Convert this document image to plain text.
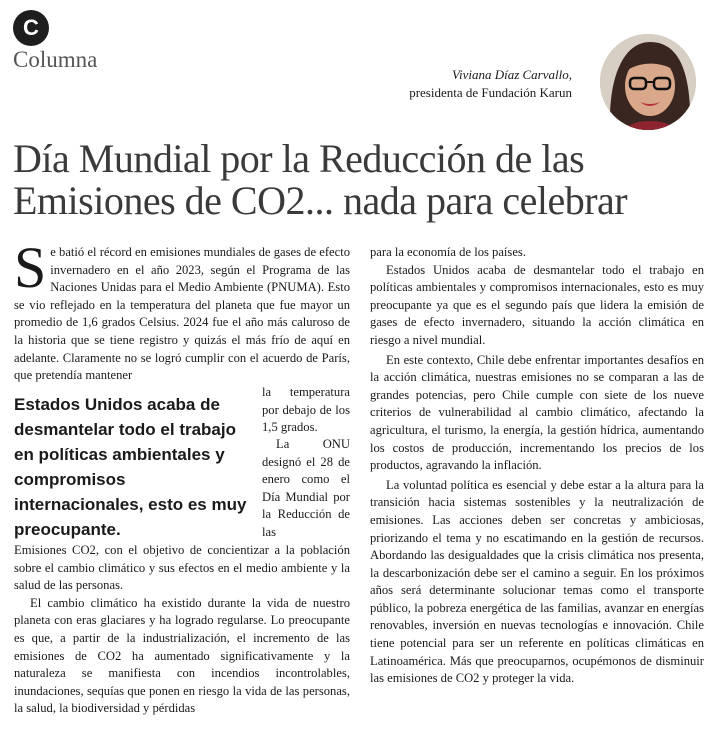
C
Columna
Viviana Díaz Carvallo,
presidenta de Fundación Karun
Día Mundial por la Reducción de las Emisiones de CO2... nada para celebrar

Se batió el récord en emisiones mundiales de gases de efecto invernadero en el año 2023, según el Programa de las Naciones Unidas para el Medio Ambiente (PNUMA). Esto se vio reflejado en la temperatura del planeta que fue mayor un promedio de 1,6 grados Celsius. 2024 fue el año más caluroso de la historia que se tiene registro y quizás el más frío de aquí en adelante. Claramente no se logró cumplir con el acuerdo de París, que pretendía mantener

Estados Unidos acaba de desmantelar todo el trabajo en políticas ambientales y compromisos internacionales, esto es muy preocupante.
la temperatura por debajo de los 1,5 grados.
La ONU designó el 28 de enero como el Día Mundial por la Reducción de las

Emisiones CO2, con el objetivo de concientizar a la población sobre el cambio climático y sus efectos en el medio ambiente y la salud de las personas.

El cambio climático ha existido durante la vida de nuestro planeta con eras glaciares y ha logrado regularse. Lo preocupante es que, a partir de la industrialización, el incremento de las emisiones de CO2 ha aumentado significativamente y la naturaleza se manifiesta con incendios incontrolables, inundaciones, sequías que ponen en riesgo la vida de las personas, la salud, la biodiversidad y pérdidas

para la economía de los países.

Estados Unidos acaba de desmantelar todo el trabajo en políticas ambientales y compromisos internacionales, esto es muy preocupante ya que es el segundo país que lidera la emisión de gases de efecto invernadero, situando la acción climática en riesgo a nivel mundial.

En este contexto, Chile debe enfrentar importantes desafíos en la acción climática, nuestras emisiones no se comparan a las de grandes potencias, pero Chile cumple con siete de los nueve criterios de vulnerabilidad al cambio climático, afectando la agricultura, el turismo, la energía, la gestión hídrica, aumentando los costos de producción, incrementando los precios de los productos, agravando la inflación.

La voluntad política es esencial y debe estar a la altura para la transición hacia sistemas sostenibles y la neutralización de emisiones. Las acciones deben ser concretas y ambiciosas, priorizando el tema y no escatimando en la gestión de recursos. Abordando las desigualdades que la crisis climática nos presenta, la descarbonización debe ser el camino a seguir. En los próximos años será determinante solucionar temas como el transporte público, la pobreza energética de las familias, avanzar en energías renovables, inversión en nuevas tecnologías e innovación. Chile tiene potencial para ser un referente en políticas climáticas en Latinoamérica. Más que preocuparnos, ocupémonos de disminuir las emisiones de CO2 y proteger la vida.
